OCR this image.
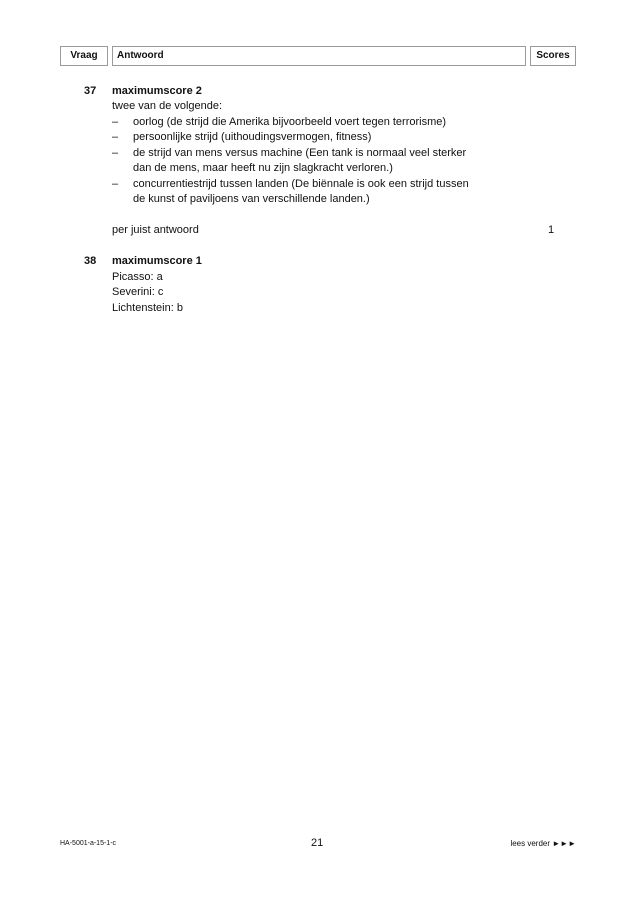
Vraag	Antwoord	Scores
37 maximumscore 2
twee van de volgende:
– oorlog (de strijd die Amerika bijvoorbeeld voert tegen terrorisme)
– persoonlijke strijd (uithoudingsvermogen, fitness)
– de strijd van mens versus machine (Een tank is normaal veel sterker
dan de mens, maar heeft nu zijn slagkracht verloren.)
– concurrentiestrijd tussen landen (De biënnale is ook een strijd tussen
de kunst of paviljoens van verschillende landen.)
per juist antwoord	1
38 maximumscore 1
Picasso: a
Severini: c
Lichtenstein: b
HA-5001-a-15-1-c	21	lees verder ►►►
